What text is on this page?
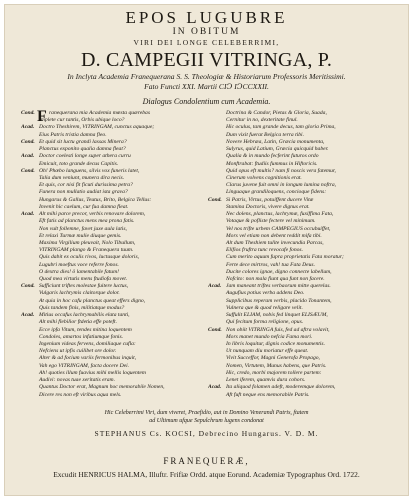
EPOS LUGUBRE
IN OBITUM
VIRI DEI LONGE CELEBERRIMI,
D. CAMPEGII VITRINGA, P.
In Inclyta Academia Franequerana S. S. Theologiæ & Historiarum Professoris Meritissimi.
Fato Functi XXI. Martii CIↃ IↃCCXXII.
Dialogus Condolentium cum Academia.
Cond. F ranequerana mia Academia mœsta quærebas
Implete cur tantis, Orbis ubique loco?
Acad. Doctro Theshirem, VITRINGAM, cunctus aquaque;
Eius Patris tristia damna fleo.
Cond. Et quid sit luctu grandi lassas Minera?
Planctus exponito qualia damna fleat?
Acad. Doctor coelesti longe super athera curru
Emicuit, toto grande decus Capitis.
Cond. Oh! Phœbo languens, silvis vox funeris latet,
Talia dum veniunt, munera dira necis.
Et quis, cor nisi fit ficuti durissima petra?
Funera non mullatio audiat ista grava?
Hungarus & Gallus, Teutus, Brito, Belgica Tellus:
Invenit hic caelum, cur fua damna fleat.
Acad. Alt mihi parce precor, verbis renovare dolorem,
Eft fatis ad planctus mens mea prona fatis.
Non vult follemne, favet juxe aula latis,
Et relaxi Turmæ mulie diuque gemis.
Maxima Virgilium pleuvait, Nolo Tibullum,
VITRINGAM plango & Franequera tuum.
Quis dabit ex oculis rivos, luctusque doloris,
Lugubri moeftus voce referre fonos.
O dextra dies! ô lamentabile fatum!
Quod mea virtutis mens ftudiofa movet.
Cond. Sufficiunt triftes molestae fuitere luctus,
Vulgaris lachrymis claitorque dolor.
At quia in hoc cafu planctus queat effers digno,
Quis tandem finis, militiatque modus?
Acad. Mitius occafus lachrymabilis elata tanti,
Alt mihi flebilior ftdetia effe poteft.
Ecce ipfa Vitum, tendes mitina loquentem
Condoles, amartos infatiumque fonis.
Ingenium videas fervens, domiliaque cufla:
Nefciens ut ipfis cuilibet ore dolor.
Alter & ad focium variis fermonibus inquit,
Vah ego VITRINGAM, facta docere Dei.
Ah! quoties illum fuavius mihi mellis loquentem
Audivi: novas tuae xeritatis eram.
Quantus Doctor erat, Magnum hoc memorabile Nomen,
Dicere res non eft viribus aqua mels.
Doctrina & Candor, Pietas & Gloria, Suada,
Cernitur in no, dexteritate finul.
Hic oculus, tam grande decus, tam gloria Prima,
Dum vixit fuerat Belgica terra tibi.
Novere Hebræa, Latin, Græcia monumenta,
Sulyrus, quid Latium, Græcia quicquid haber.
Qualia & in mundo fecferint futuros ordo
Monftrabat: ftudiis fummus in Hiftoricis.
Quid opus eft multis? nam fi noscis vera fatemur,
Cinerum volvens cognitionis erat.
Clarus juvene fuit omni in longum lumina noftra,
Linguaque grandiloquens, concioque fidens:
Cond. Si Patris, Virtus, potuiffent ducere Vitæ
Stamina Doctoris, vivere dignus erat.
Nec dolens, planctus, lachrymæ, fuxiffima Fata,
Votaque & pofliste fectere vel minimum.
Vel nos trifte urbem CAMPEGIUS occubuiffet,
Mors vel etiam non debent reddit mifa tibi.
Alt dum Theshiem tulite invecundia Parcas,
Elifios fruftra tunc revocafe fonos.
Cum merito aquum fupra proprietatis Fata moratur;
Ferte dece mirtros, vah! tua Fata Deus.
Ducite colores ignae, digno connecte labellum,
Nofcito: non mala fiunt qua funt non facere.
Acad. Jam maneant triftes verbaorum mitte querelas.
Augufius potius verba addens Deo.
Supplicibus reperam verbis, placido Tonantem,
Vulnera que & quod religare velit.
Suffulit ELIAM, nobis fed linquet ELISÆUM,
Qui fecitum forma religione, opus.
Cond. Non obiit VITRINGA fuis, fed ad aftra volavit,
Mors manet mundo nefcia Fama mori.
In libris loquitur, dignis codice monumentis.
Ut nunquam diu moriatur effe queat.
Vivit Succeffor, Magni Generofa Propago,
Nomen, Virtutem, Munus habens, que Patris.
Hic, credo, morbi majorem tollere partem:
Lenet iferem, quamvis dura cohors.
Acad. Ita aliquod folamen adeft, moderemque dolorem,
Aft fuft neque ens memorabile Patris.
Hic Celeberrimi Viri, dum viveret, Praefidio, aut in Domino Venerandi Patris, ftatem
ad Ultimum ufque Sepulchrum lugens condonat
STEPHANUS Cs. KOCSI, Debrecino Hungarus. V. D. M.
FRANEQUERÆ,
Excudit HENRICUS HALMA, Illuftr. Frifiæ Ordd. atque Eorund. Academiæ Typographus Ord. 1722.
